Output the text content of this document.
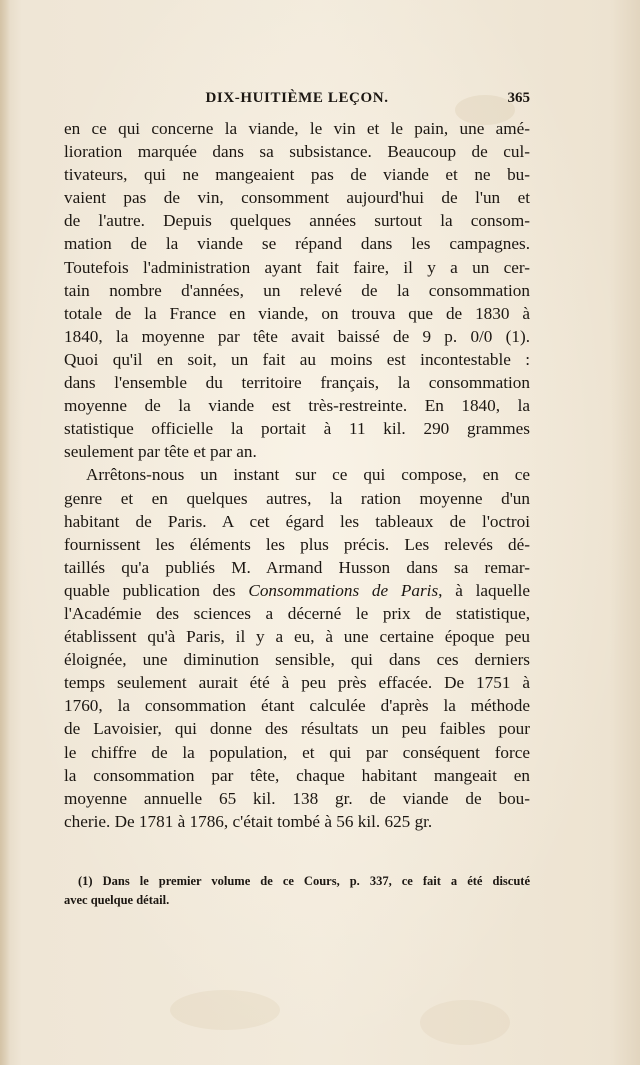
DIX-HUITIÈME LEÇON.	365
en ce qui concerne la viande, le vin et le pain, une amé-
lioration marquée dans sa subsistance. Beaucoup de cul-
tivateurs, qui ne mangeaient pas de viande et ne bu-
vaient pas de vin, consomment aujourd'hui de l'un et
de l'autre. Depuis quelques années surtout la consom-
mation de la viande se répand dans les campagnes.
Toutefois l'administration ayant fait faire, il y a un cer-
tain nombre d'années, un relevé de la consommation
totale de la France en viande, on trouva que de 1830 à
1840, la moyenne par tête avait baissé de 9 p. 0/0 (1).
Quoi qu'il en soit, un fait au moins est incontestable :
dans l'ensemble du territoire français, la consommation
moyenne de la viande est très-restreinte. En 1840, la
statistique officielle la portait à 11 kil. 290 grammes
seulement par tête et par an.
Arrêtons-nous un instant sur ce qui compose, en ce
genre et en quelques autres, la ration moyenne d'un
habitant de Paris. A cet égard les tableaux de l'octroi
fournissent les éléments les plus précis. Les relevés dé-
taillés qu'a publiés M. Armand Husson dans sa remar-
quable publication des Consommations de Paris, à laquelle
l'Académie des sciences a décerné le prix de statistique,
établissent qu'à Paris, il y a eu, à une certaine époque peu
éloignée, une diminution sensible, qui dans ces derniers
temps seulement aurait été à peu près effacée. De 1751 à
1760, la consommation étant calculée d'après la méthode
de Lavoisier, qui donne des résultats un peu faibles pour
le chiffre de la population, et qui par conséquent force
la consommation par tête, chaque habitant mangeait en
moyenne annuelle 65 kil. 138 gr. de viande de bou-
cherie. De 1781 à 1786, c'était tombé à 56 kil. 625 gr.
(1) Dans le premier volume de ce Cours, p. 337, ce fait a été discuté
avec quelque détail.
